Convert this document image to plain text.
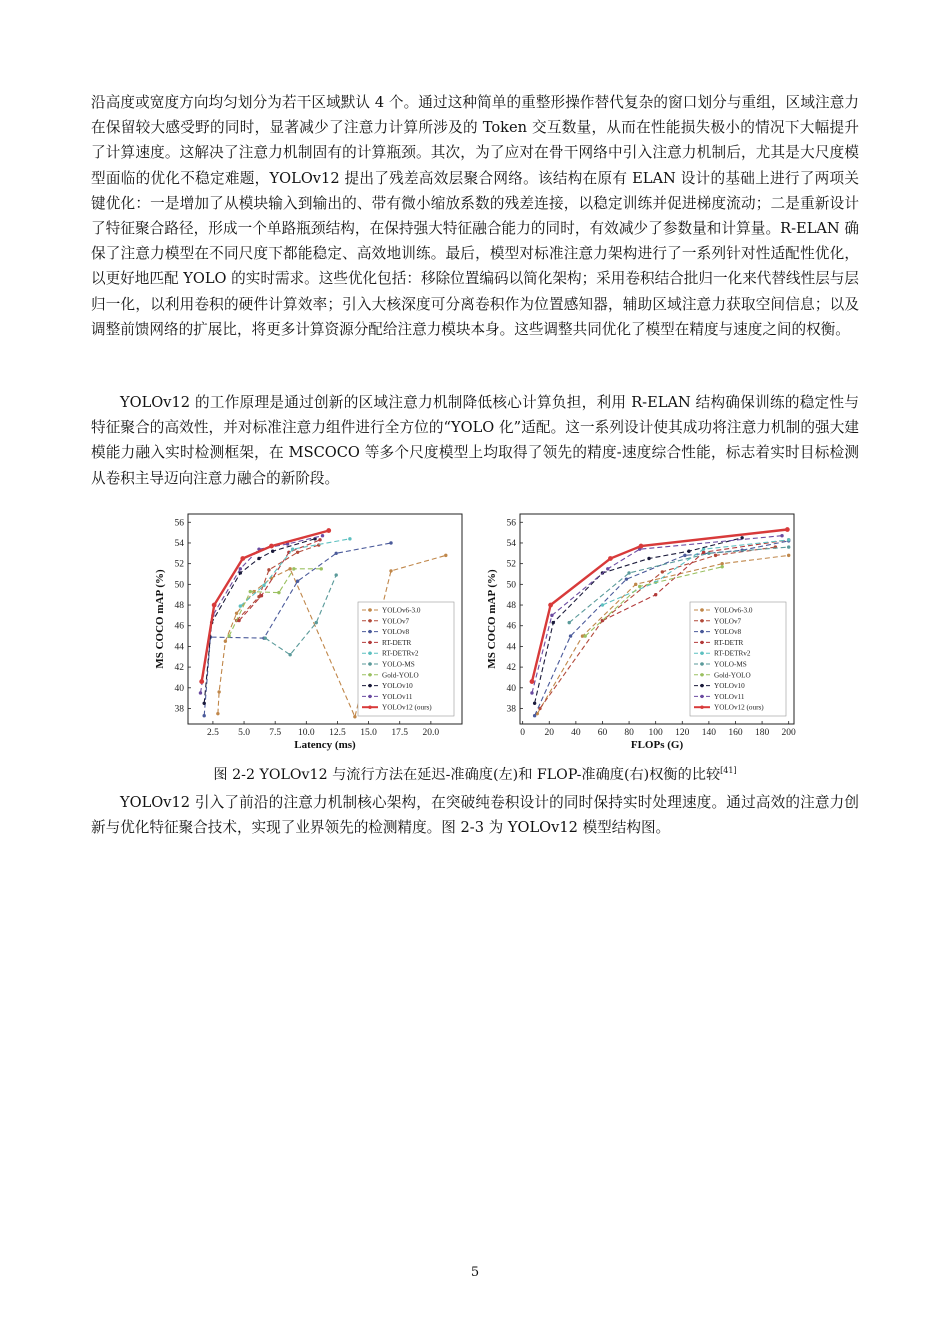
沿高度或宽度方向均匀划分为若干区域默认 4 个。通过这种简单的重整形操作替代复杂的窗口划分与重组，区域注意力在保留较大感受野的同时，显著减少了注意力计算所涉及的 Token 交互数量，从而在性能损失极小的情况下大幅提升了计算速度。这解决了注意力机制固有的计算瓶颈。其次，为了应对在骨干网络中引入注意力机制后，尤其是大尺度模型面临的优化不稳定难题，YOLOv12 提出了残差高效层聚合网络。该结构在原有 ELAN 设计的基础上进行了两项关键优化：一是增加了从模块输入到输出的、带有微小缩放系数的残差连接，以稳定训练并促进梯度流动；二是重新设计了特征聚合路径，形成一个单路瓶颈结构，在保持强大特征融合能力的同时，有效减少了参数量和计算量。R-ELAN 确保了注意力模型在不同尺度下都能稳定、高效地训练。最后，模型对标准注意力架构进行了一系列针对性适配性优化，以更好地匹配 YOLO 的实时需求。这些优化包括：移除位置编码以简化架构；采用卷积结合批归一化来代替线性层与层归一化，以利用卷积的硬件计算效率；引入大核深度可分离卷积作为位置感知器，辅助区域注意力获取空间信息；以及调整前馈网络的扩展比，将更多计算资源分配给注意力模块本身。这些调整共同优化了模型在精度与速度之间的权衡。

YOLOv12 的工作原理是通过创新的区域注意力机制降低核心计算负担，利用 R-ELAN 结构确保训练的稳定性与特征聚合的高效性，并对标准注意力组件进行全方位的“YOLO 化”适配。这一系列设计使其成功将注意力机制的强大建模能力融入实时检测框架，在 MSCOCO 等多个尺度模型上均取得了领先的精度-速度综合性能，标志着实时目标检测从卷积主导迈向注意力融合的新阶段。

38
40
42
44
46
48
50
52
54
56
2.5 5.0 7.5 10.0 12.5 15.0 17.5 20.0
Latency (ms)
MS COCO mAP (%)	YOLOv6-3.0
YOLOv7
YOLOv8
RT-DETR
RT-DETRv2
YOLO-MS
Gold-YOLO
YOLOv10
YOLOv11
YOLOv12 (ours)	38
40
42
44
46
48
50
52
54
56
0 20 40 60 80 100 120 140 160 180 200
FLOPs (G)
MS COCO mAP (%)	YOLOv6-3.0
YOLOv7
YOLOv8
RT-DETR
RT-DETRv2
YOLO-MS
Gold-YOLO
YOLOv10
YOLOv11
YOLOv12 (ours)

图 2-2 YOLOv12 与流行方法在延迟-准确度(左)和 FLOP-准确度(右)权衡的比较[41]

YOLOv12 引入了前沿的注意力机制核心架构，在突破纯卷积设计的同时保持实时处理速度。通过高效的注意力创新与优化特征聚合技术，实现了业界领先的检测精度。图 2-3 为 YOLOv12 模型结构图。

5
